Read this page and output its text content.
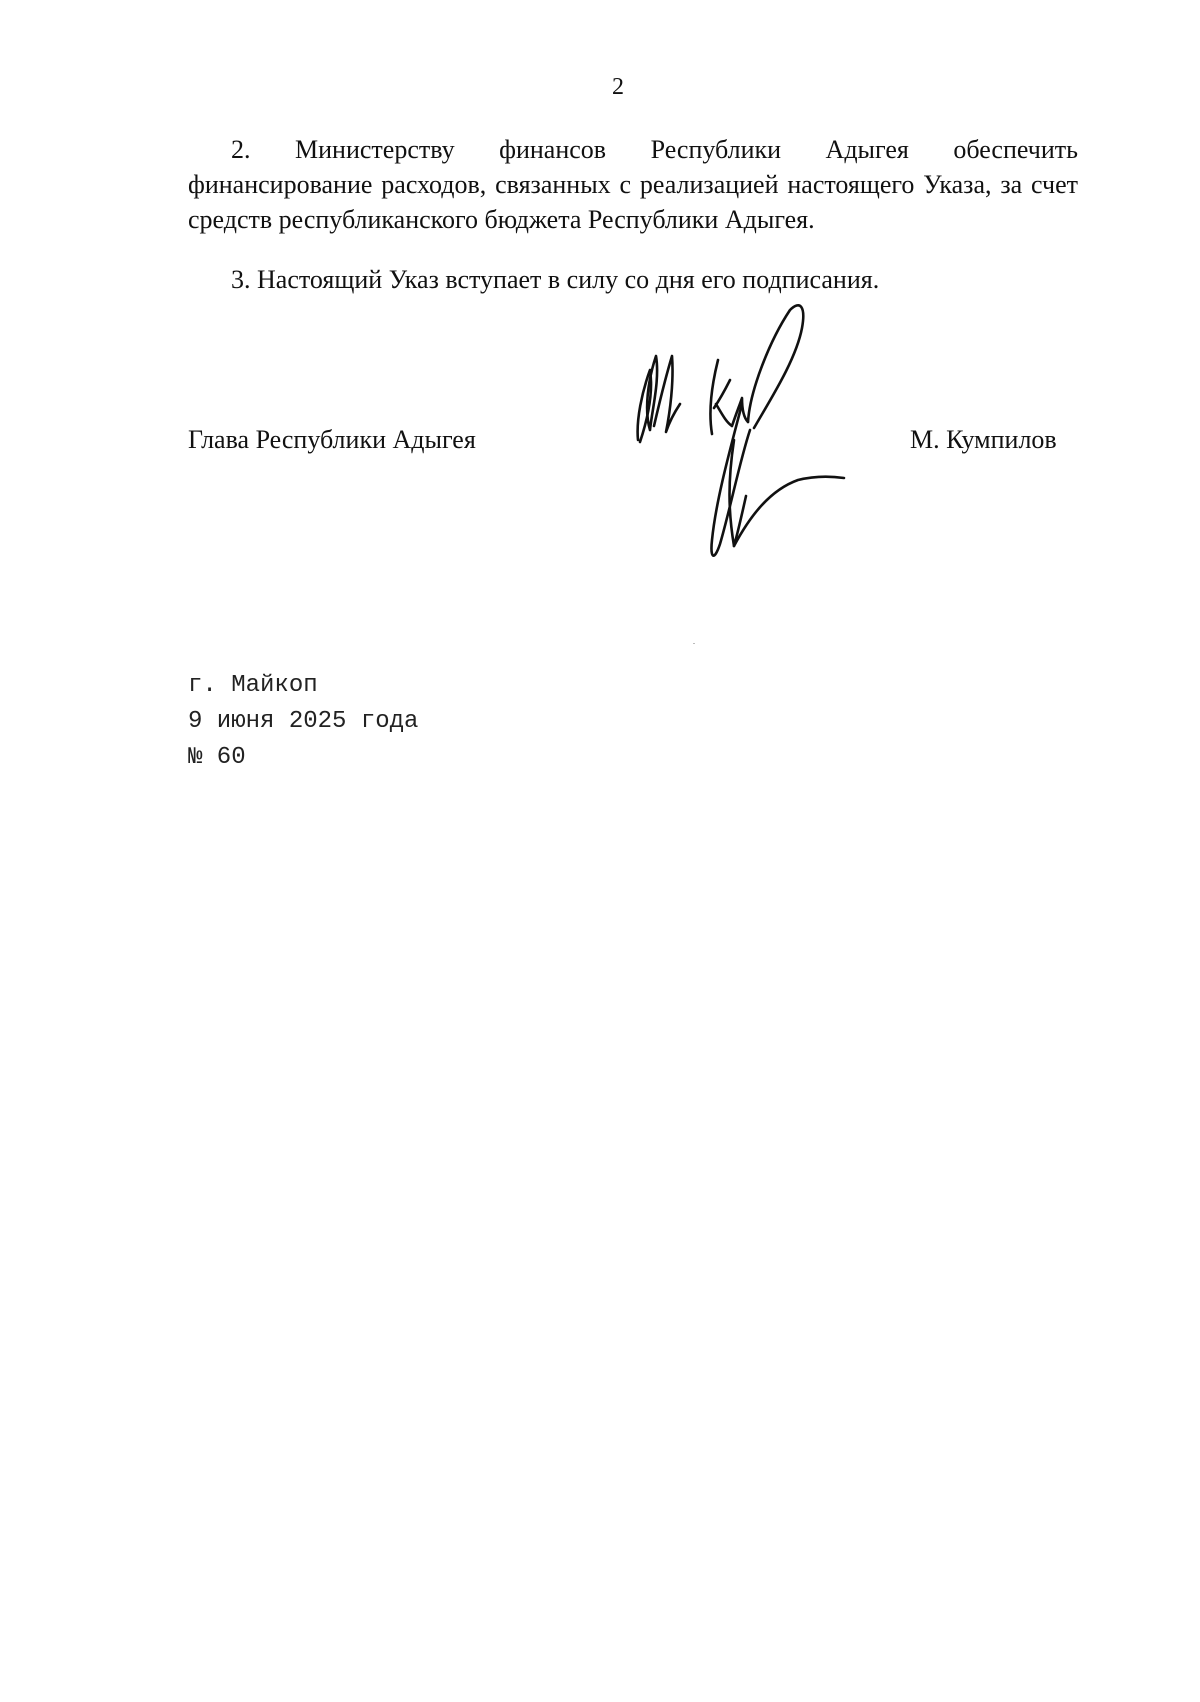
2
2. Министерству финансов Республики Адыгея обеспечить финансирование расходов, связанных с реализацией настоящего Указа, за счет средств республиканского бюджета Республики Адыгея.
3. Настоящий Указ вступает в силу со дня его подписания.
Глава Республики Адыгея	М. Кумпилов
г. Майкоп
9 июня 2025 года
№ 60
